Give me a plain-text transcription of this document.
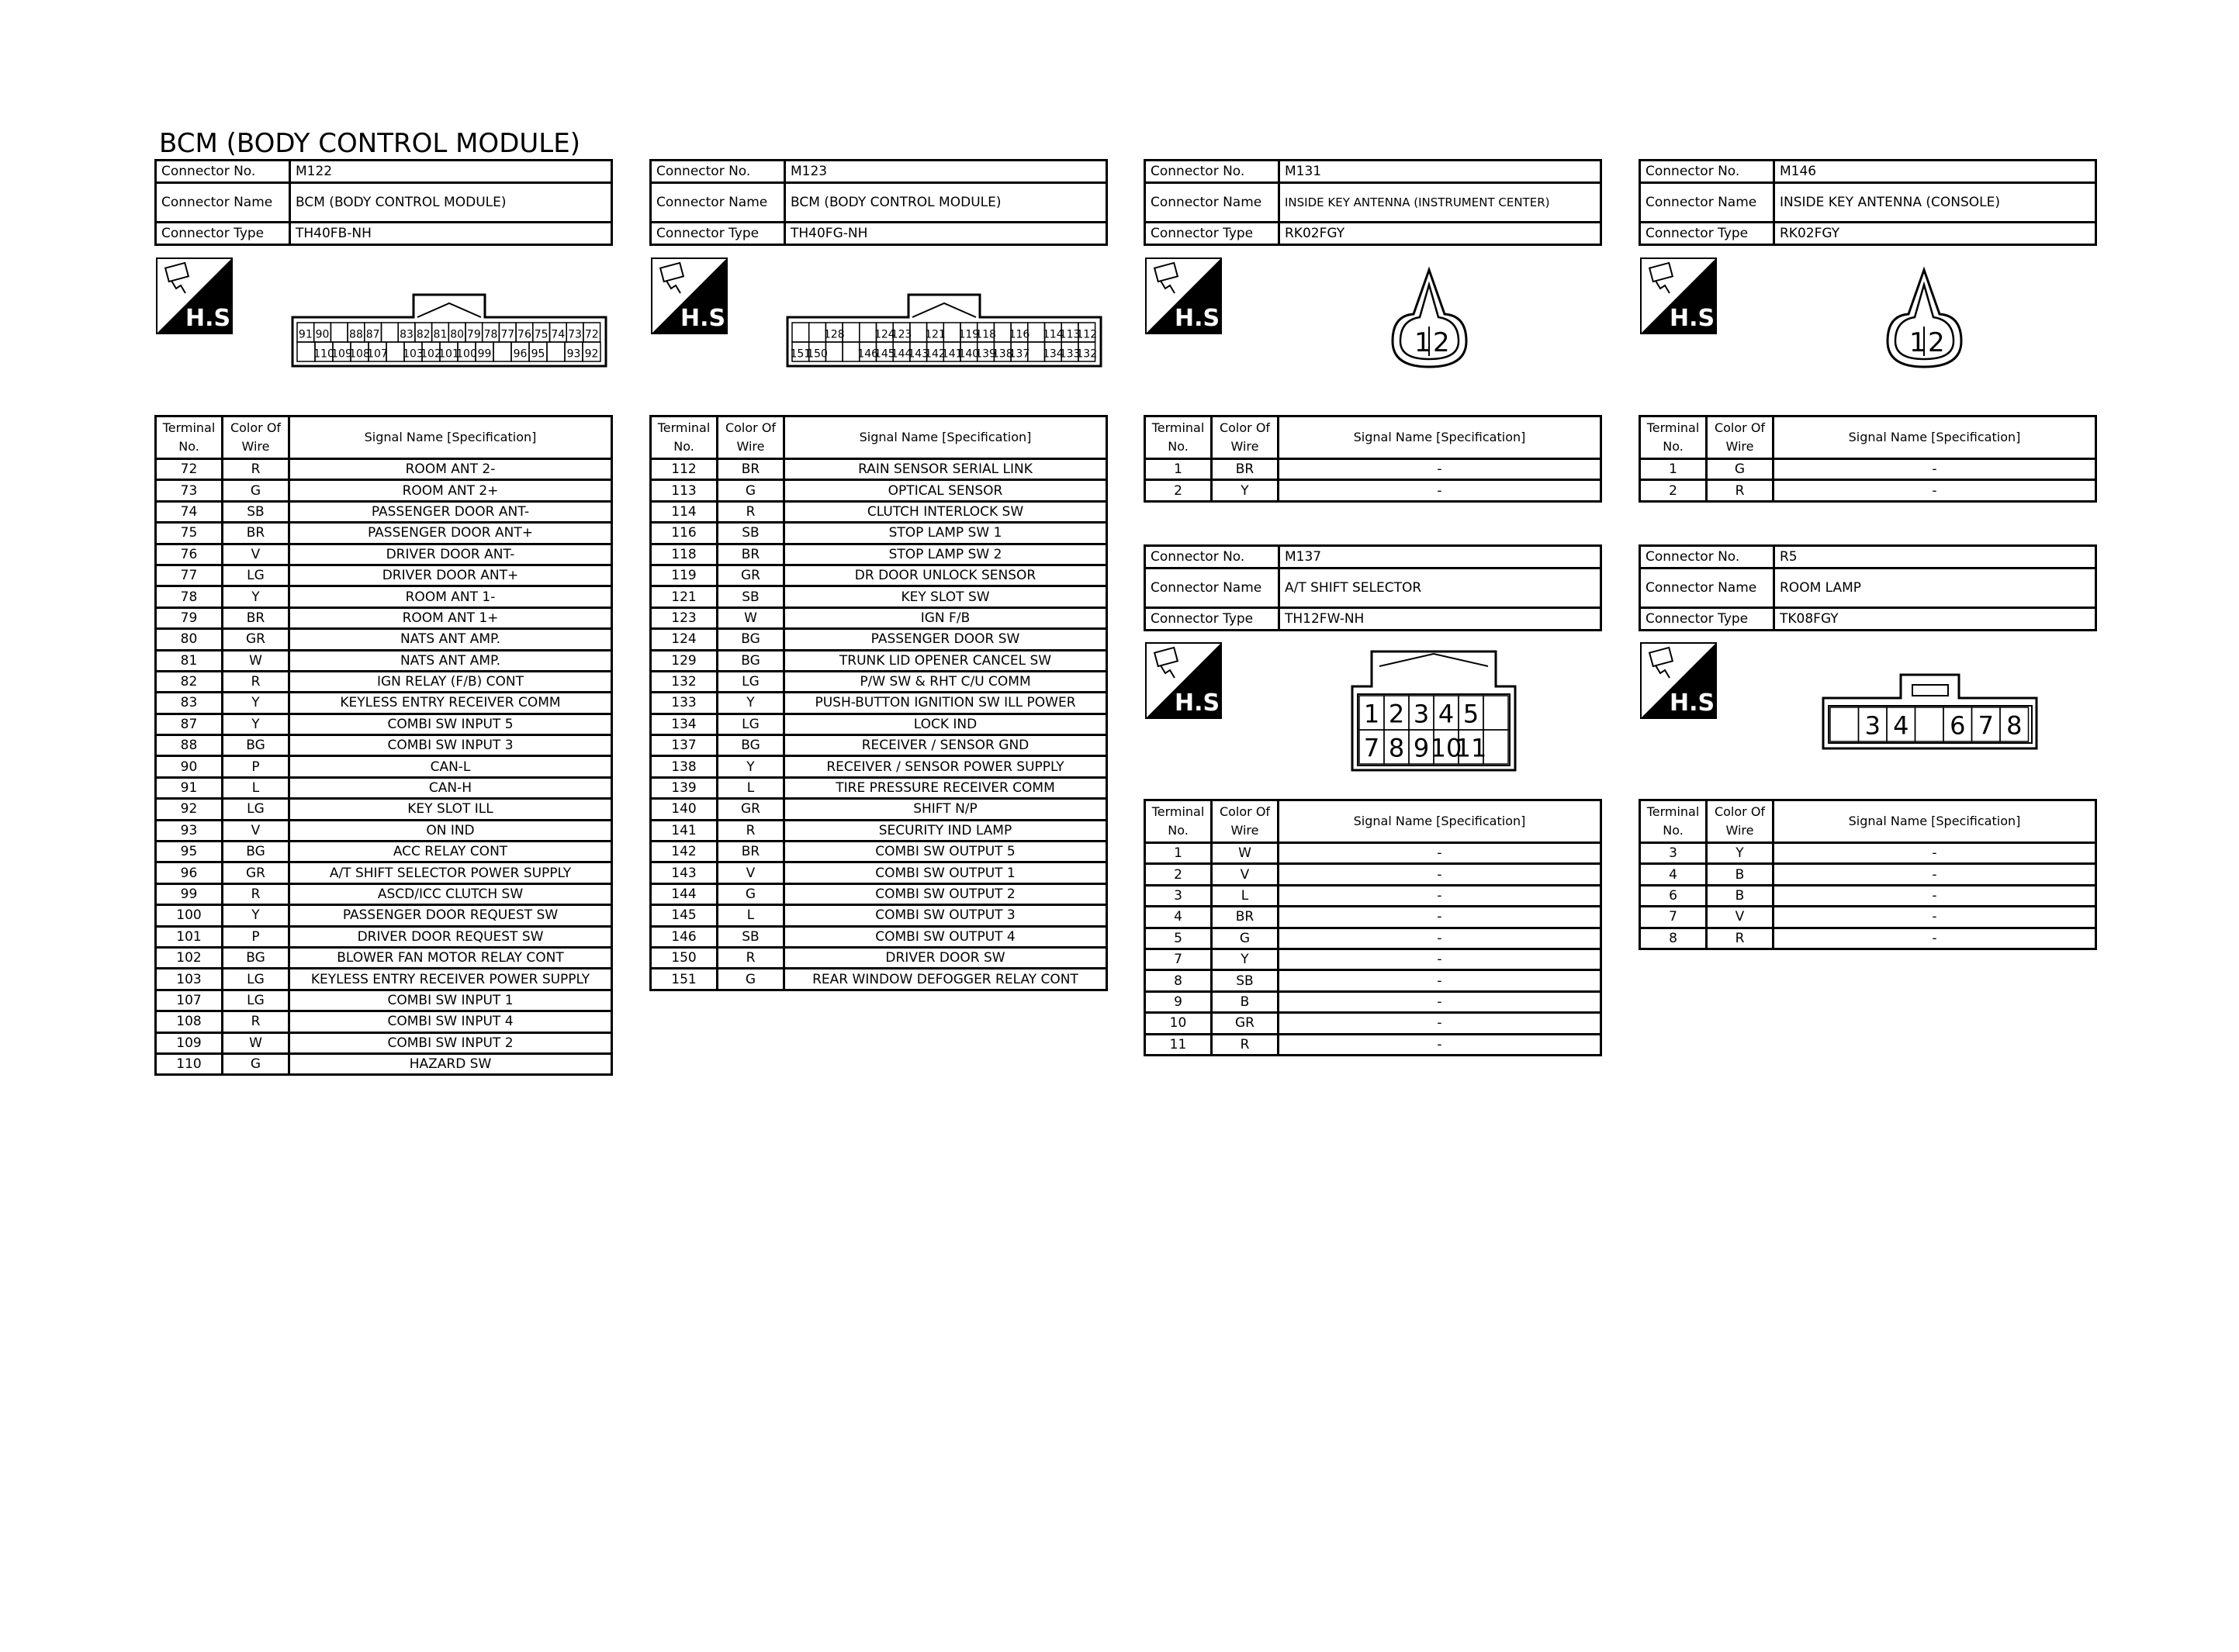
BCM (BODY CONTROL MODULE)
Connector No.	M122
Connector Name	BCM (BODY CONTROL MODULE)
Connector Type	TH40FB-NH
Connector No.	M123
Connector Name	BCM (BODY CONTROL MODULE)
Connector Type	TH40FG-NH
Connector No.	M131
Connector Name	INSIDE KEY ANTENNA (INSTRUMENT CENTER)
Connector Type	RK02FGY
Connector No.	M146
Connector Name	INSIDE KEY ANTENNA (CONSOLE)
Connector Type	RK02FGY
Connector No.	M137
Connector Name	A/T SHIFT SELECTOR
Connector Type	TH12FW-NH
Connector No.	R5
Connector Name	ROOM LAMP
Connector Type	TK08FGY
H.S.	H.S.	H.S.	H.S.
H.S.	H.S.
91 90 88 87 83 82 81 80 79 78 77 76 75 74 73 72
110
109
108
107 103
102
101
100 99 96 95 93 92
128	124
123 121 119
118 116 114
113
112
151
150	146
145
144
143
142
141
140
139
138
137 134
133
132	1 2	1 2
1 2 3 4 5
7 8 9 10
11
3 4 6 7 8
Terminal No.	Color Of Wire	Signal Name [Specification]
72	R	ROOM ANT 2-
73	G	ROOM ANT 2+
74	SB	PASSENGER DOOR ANT-
75	BR	PASSENGER DOOR ANT+
76	V	DRIVER DOOR ANT-
77	LG	DRIVER DOOR ANT+
78	Y	ROOM ANT 1-
79	BR	ROOM ANT 1+
80	GR	NATS ANT AMP.
81	W	NATS ANT AMP.
82	R	IGN RELAY (F/B) CONT
83	Y	KEYLESS ENTRY RECEIVER COMM
87	Y	COMBI SW INPUT 5
88	BG	COMBI SW INPUT 3
90	P	CAN-L
91	L	CAN-H
92	LG	KEY SLOT ILL
93	V	ON IND
95	BG	ACC RELAY CONT
96	GR	A/T SHIFT SELECTOR POWER SUPPLY
99	R	ASCD/ICC CLUTCH SW
100	Y	PASSENGER DOOR REQUEST SW
101	P	DRIVER DOOR REQUEST SW
102	BG	BLOWER FAN MOTOR RELAY CONT
103	LG	KEYLESS ENTRY RECEIVER POWER SUPPLY
107	LG	COMBI SW INPUT 1
108	R	COMBI SW INPUT 4
109	W	COMBI SW INPUT 2
110	G	HAZARD SW
Terminal No.	Color Of Wire	Signal Name [Specification]
112	BR	RAIN SENSOR SERIAL LINK
113	G	OPTICAL SENSOR
114	R	CLUTCH INTERLOCK SW
116	SB	STOP LAMP SW 1
118	BR	STOP LAMP SW 2
119	GR	DR DOOR UNLOCK SENSOR
121	SB	KEY SLOT SW
123	W	IGN F/B
124	BG	PASSENGER DOOR SW
129	BG	TRUNK LID OPENER CANCEL SW
132	LG	P/W SW & RHT C/U COMM
133	Y	PUSH-BUTTON IGNITION SW ILL POWER
134	LG	LOCK IND
137	BG	RECEIVER / SENSOR GND
138	Y	RECEIVER / SENSOR POWER SUPPLY
139	L	TIRE PRESSURE RECEIVER COMM
140	GR	SHIFT N/P
141	R	SECURITY IND LAMP
142	BR	COMBI SW OUTPUT 5
143	V	COMBI SW OUTPUT 1
144	G	COMBI SW OUTPUT 2
145	L	COMBI SW OUTPUT 3
146	SB	COMBI SW OUTPUT 4
150	R	DRIVER DOOR SW
151	G	REAR WINDOW DEFOGGER RELAY CONT
Terminal No.	Color Of Wire	Signal Name [Specification]
1	BR	-
2	Y	-
Terminal No.	Color Of Wire	Signal Name [Specification]
1	G	-
2	R	-
Terminal No.	Color Of Wire	Signal Name [Specification]
1	W	-
2	V	-
3	L	-
4	BR	-
5	G	-
7	Y	-
8	SB	-
9	B	-
10	GR	-
11	R	-
Terminal No.	Color Of Wire	Signal Name [Specification]
3	Y	-
4	B	-
6	B	-
7	V	-
8	R	-
